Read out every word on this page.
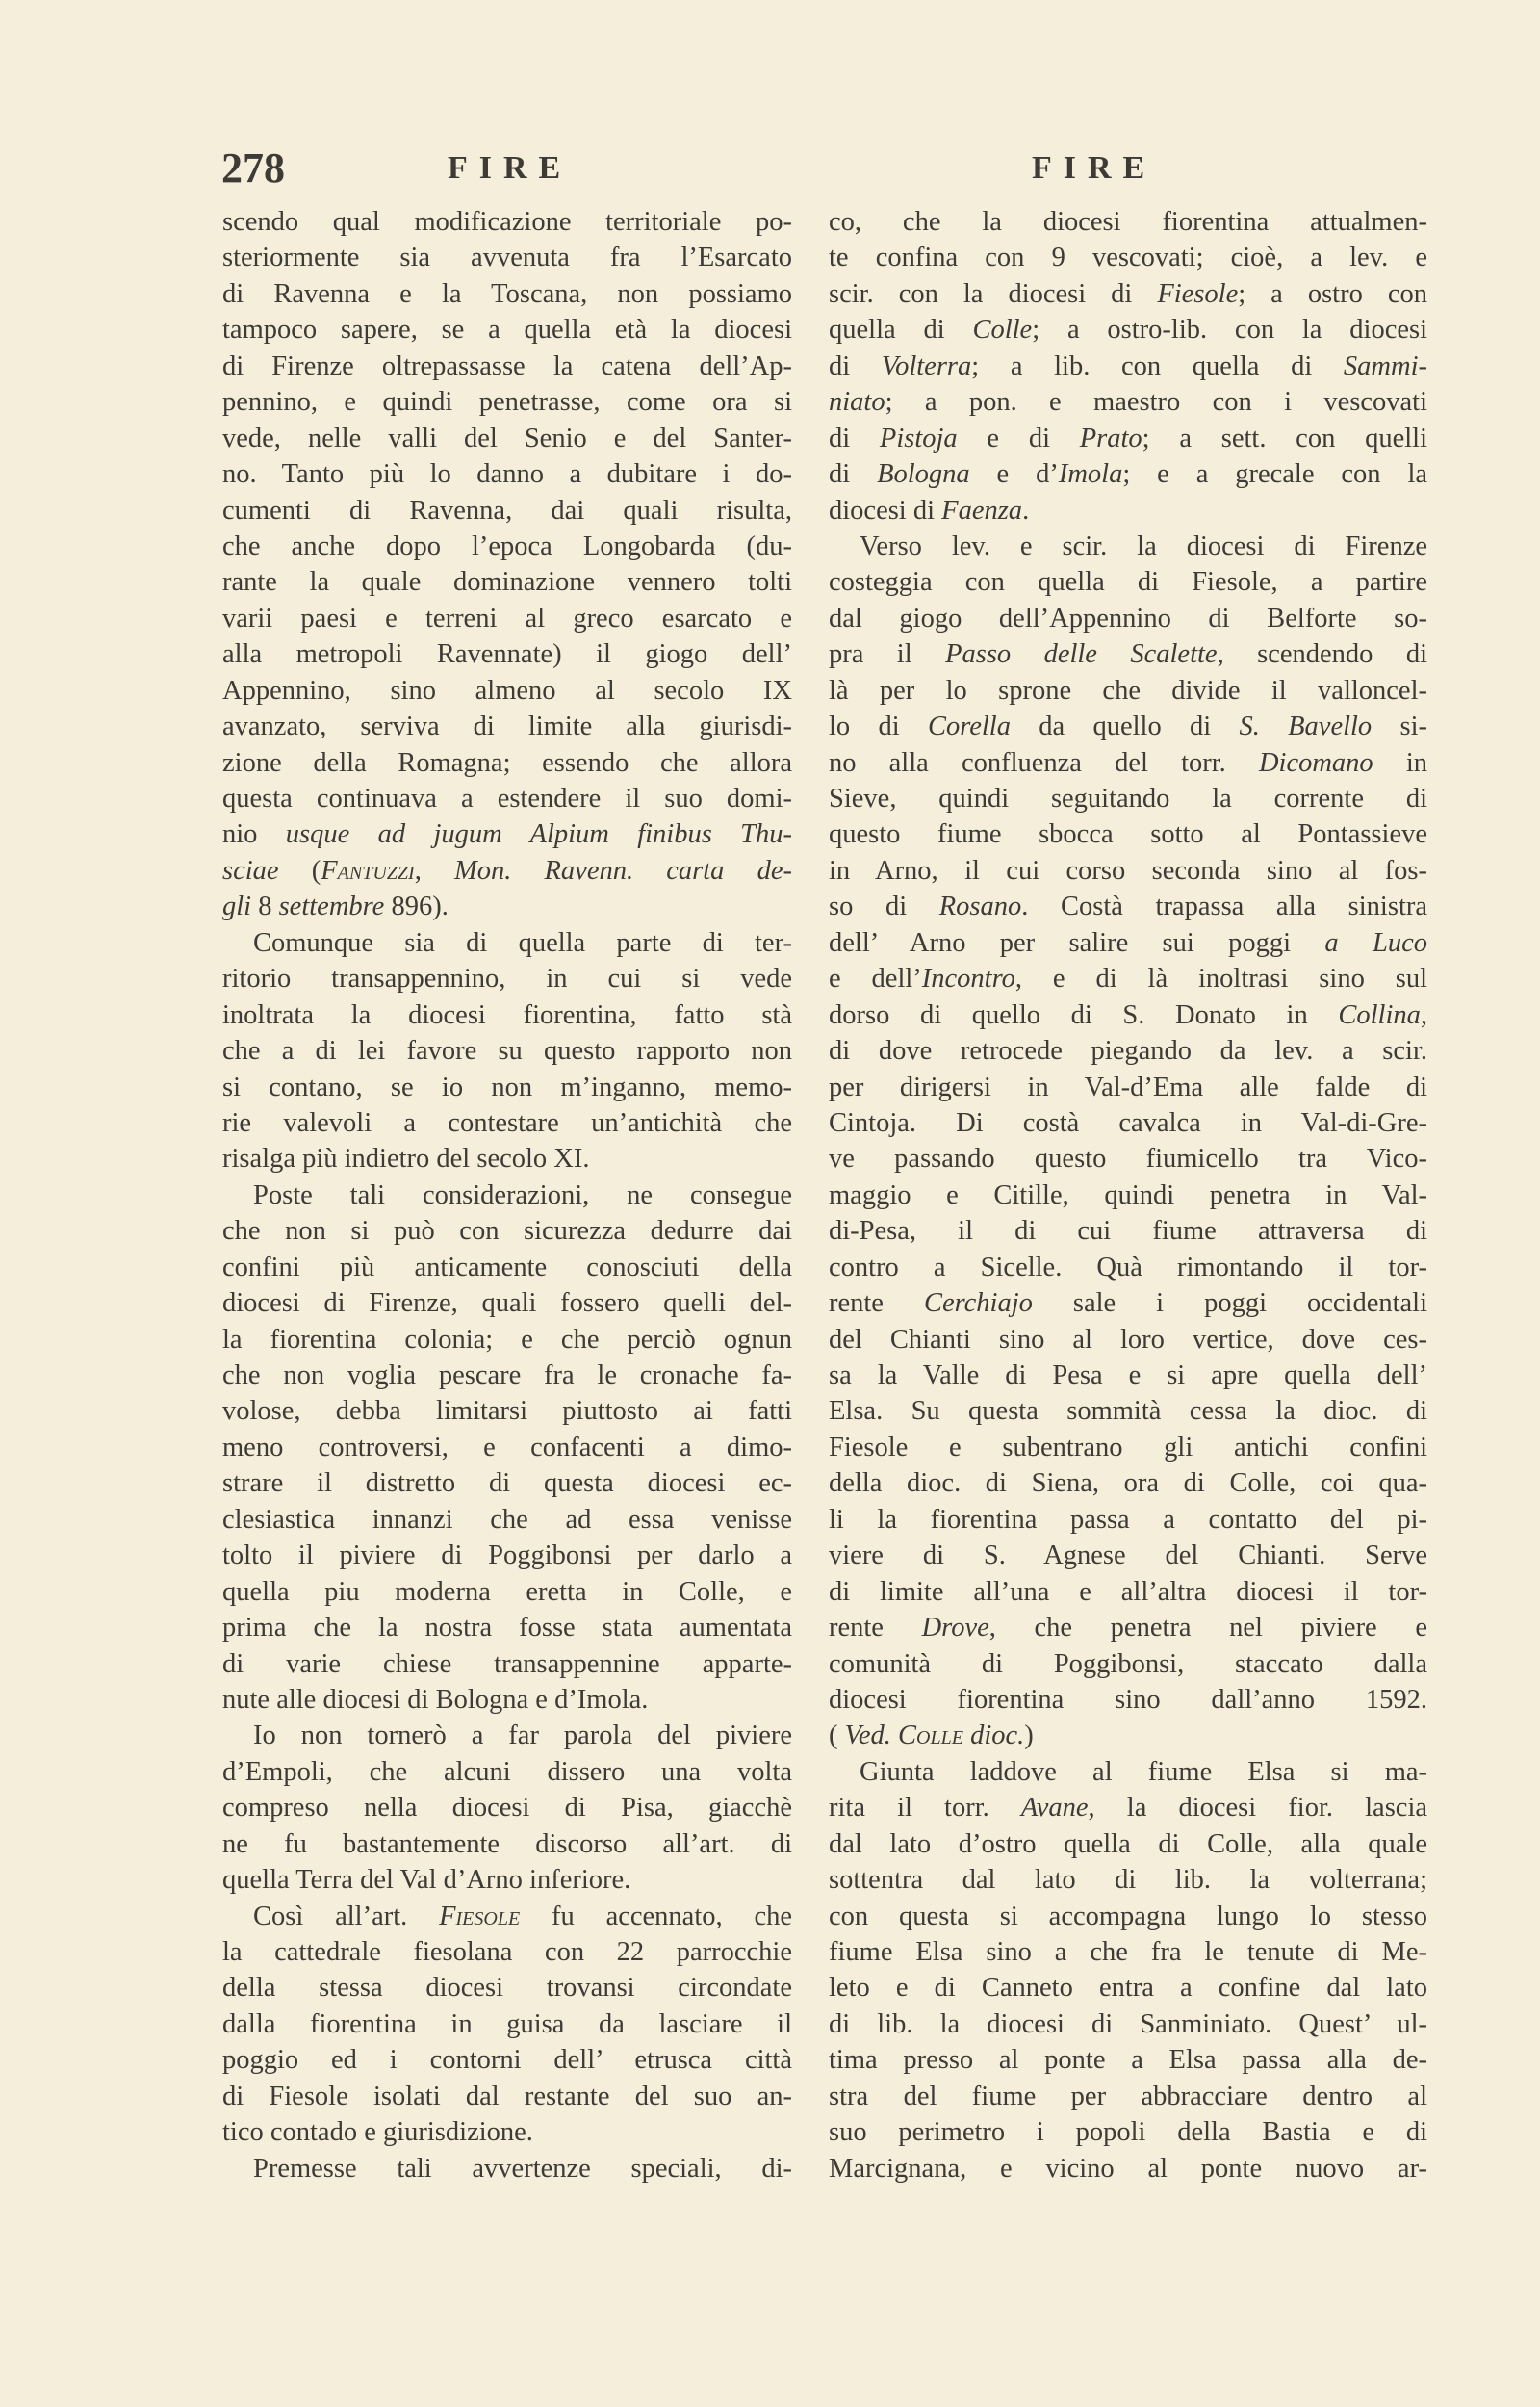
278	FIRE	FIRE
scendo qual modificazione territoriale po-
steriormente sia avvenuta fra l’Esarcato
di Ravenna e la Toscana, non possiamo
tampoco sapere, se a quella età la diocesi
di Firenze oltrepassasse la catena dell’Ap-
pennino, e quindi penetrasse, come ora si
vede, nelle valli del Senio e del Santer-
no. Tanto più lo danno a dubitare i do-
cumenti di Ravenna, dai quali risulta,
che anche dopo l’epoca Longobarda (du-
rante la quale dominazione vennero tolti
varii paesi e terreni al greco esarcato e
alla metropoli Ravennate) il giogo dell’
Appennino, sino almeno al secolo IX
avanzato, serviva di limite alla giurisdi-
zione della Romagna; essendo che allora
questa continuava a estendere il suo domi-
nio usque ad jugum Alpium finibus Thu-
sciae (Fantuzzi, Mon. Ravenn. carta de-
gli 8 settembre 896).
Comunque sia di quella parte di ter-
ritorio transappennino, in cui si vede
inoltrata la diocesi fiorentina, fatto stà
che a di lei favore su questo rapporto non
si contano, se io non m’inganno, memo-
rie valevoli a contestare un’antichità che
risalga più indietro del secolo XI.
Poste tali considerazioni, ne consegue
che non si può con sicurezza dedurre dai
confini più anticamente conosciuti della
diocesi di Firenze, quali fossero quelli del-
la fiorentina colonia; e che perciò ognun
che non voglia pescare fra le cronache fa-
volose, debba limitarsi piuttosto ai fatti
meno controversi, e confacenti a dimo-
strare il distretto di questa diocesi ec-
clesiastica innanzi che ad essa venisse
tolto il piviere di Poggibonsi per darlo a
quella piu moderna eretta in Colle, e
prima che la nostra fosse stata aumentata
di varie chiese transappennine apparte-
nute alle diocesi di Bologna e d’Imola.
Io non tornerò a far parola del piviere
d’Empoli, che alcuni dissero una volta
compreso nella diocesi di Pisa, giacchè
ne fu bastantemente discorso all’art. di
quella Terra del Val d’Arno inferiore.
Così all’art. Fiesole fu accennato, che
la cattedrale fiesolana con 22 parrocchie
della stessa diocesi trovansi circondate
dalla fiorentina in guisa da lasciare il
poggio ed i contorni dell’ etrusca città
di Fiesole isolati dal restante del suo an-
tico contado e giurisdizione.
Premesse tali avvertenze speciali, di-
co, che la diocesi fiorentina attualmen-
te confina con 9 vescovati; cioè, a lev. e
scir. con la diocesi di Fiesole; a ostro con
quella di Colle; a ostro-lib. con la diocesi
di Volterra; a lib. con quella di Sammi-
niato; a pon. e maestro con i vescovati
di Pistoja e di Prato; a sett. con quelli
di Bologna e d’Imola; e a grecale con la
diocesi di Faenza.
Verso lev. e scir. la diocesi di Firenze
costeggia con quella di Fiesole, a partire
dal giogo dell’Appennino di Belforte so-
pra il Passo delle Scalette, scendendo di
là per lo sprone che divide il valloncel-
lo di Corella da quello di S. Bavello si-
no alla confluenza del torr. Dicomano in
Sieve, quindi seguitando la corrente di
questo fiume sbocca sotto al Pontassieve
in Arno, il cui corso seconda sino al fos-
so di Rosano. Costà trapassa alla sinistra
dell’ Arno per salire sui poggi a Luco
e dell’Incontro, e di là inoltrasi sino sul
dorso di quello di S. Donato in Collina,
di dove retrocede piegando da lev. a scir.
per dirigersi in Val-d’Ema alle falde di
Cintoja. Di costà cavalca in Val-di-Gre-
ve passando questo fiumicello tra Vico-
maggio e Citille, quindi penetra in Val-
di-Pesa, il di cui fiume attraversa di
contro a Sicelle. Quà rimontando il tor-
rente Cerchiajo sale i poggi occidentali
del Chianti sino al loro vertice, dove ces-
sa la Valle di Pesa e si apre quella dell’
Elsa. Su questa sommità cessa la dioc. di
Fiesole e subentrano gli antichi confini
della dioc. di Siena, ora di Colle, coi qua-
li la fiorentina passa a contatto del pi-
viere di S. Agnese del Chianti. Serve
di limite all’una e all’altra diocesi il tor-
rente Drove, che penetra nel piviere e
comunità di Poggibonsi, staccato dalla
diocesi fiorentina sino dall’anno 1592.
( Ved. Colle dioc.)
Giunta laddove al fiume Elsa si ma-
rita il torr. Avane, la diocesi fior. lascia
dal lato d’ostro quella di Colle, alla quale
sottentra dal lato di lib. la volterrana;
con questa si accompagna lungo lo stesso
fiume Elsa sino a che fra le tenute di Me-
leto e di Canneto entra a confine dal lato
di lib. la diocesi di Sanminiato. Quest’ ul-
tima presso al ponte a Elsa passa alla de-
stra del fiume per abbracciare dentro al
suo perimetro i popoli della Bastia e di
Marcignana, e vicino al ponte nuovo ar-
